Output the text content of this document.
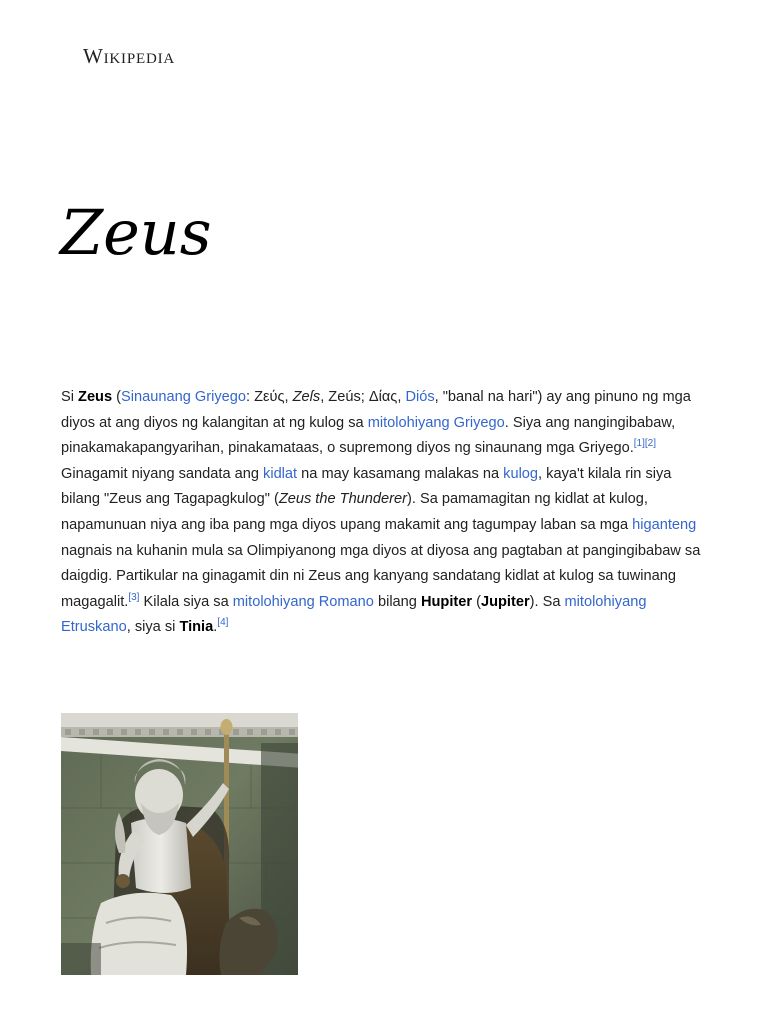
Wikipedia
Zeus

Si Zeus (Sinaunang Griyego: Ζεύς, Zeſs, Zeús; Δίας, Diós, "banal na hari") ay ang pinuno ng mga diyos at ang diyos ng kalangitan at ng kulog sa mitolohiyang Griyego. Siya ang nangingibabaw, pinakamakapangyarihan, pinakamataas, o supremong diyos ng sinaunang mga Griyego.[1][2] Ginagamit niyang sandata ang kidlat na may kasamang malakas na kulog, kaya't kilala rin siya bilang "Zeus ang Tagapagkulog" (Zeus the Thunderer). Sa pamamagitan ng kidlat at kulog, napamunuan niya ang iba pang mga diyos upang makamit ang tagumpay laban sa mga higanteng nagnais na kuhanin mula sa Olimpiyanong mga diyos at diyosa ang pagtaban at pangingibabaw sa daigdig. Partikular na ginagamit din ni Zeus ang kanyang sandatang kidlat at kulog sa tuwinang magagalit.[3] Kilala siya sa mitolohiyang Romano bilang Hupiter (Jupiter). Sa mitolohiyang Etruskano, siya si Tinia.[4]
